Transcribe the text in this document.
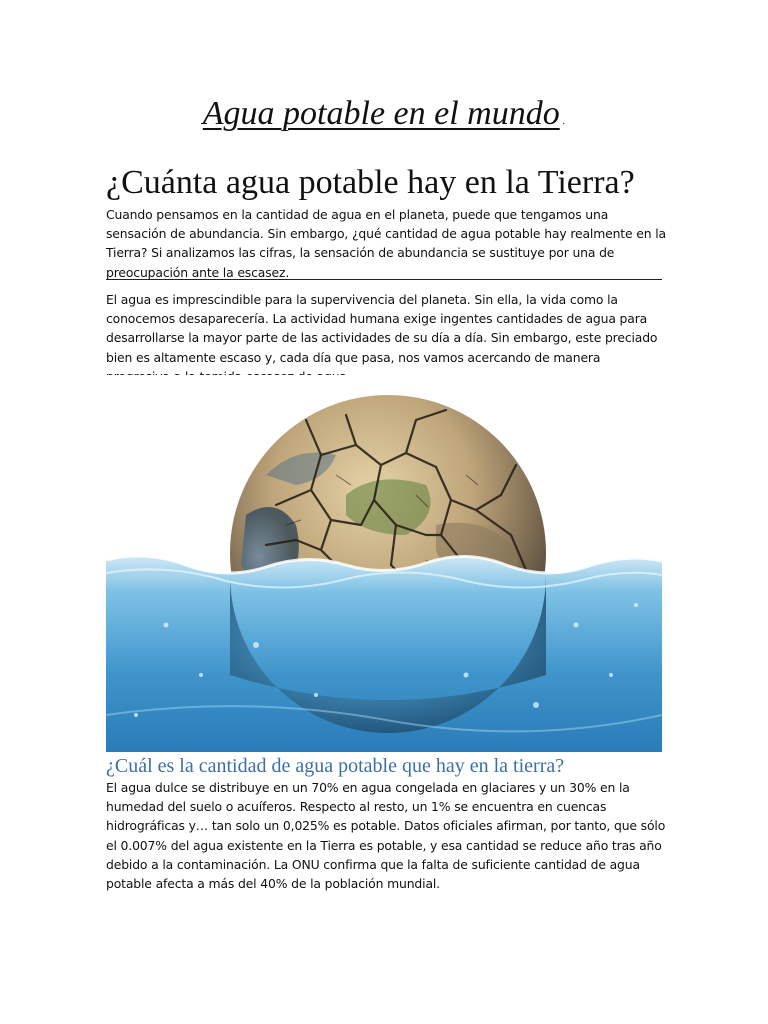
Agua potable en el mundo .
¿Cuánta agua potable hay en la Tierra?

Cuando pensamos en la cantidad de agua en el planeta, puede que tengamos una sensación de abundancia. Sin embargo, ¿qué cantidad de agua potable hay realmente en la Tierra? Si analizamos las cifras, la sensación de abundancia se sustituye por una de preocupación ante la escasez.

El agua es imprescindible para la supervivencia del planeta. Sin ella, la vida como la conocemos desaparecería. La actividad humana exige ingentes cantidades de agua para desarrollarse la mayor parte de las actividades de su día a día. Sin embargo, este preciado bien es altamente escaso y, cada día que pasa, nos vamos acercando de manera

¿Cuál es la cantidad de agua potable que hay en la tierra?

El agua dulce se distribuye en un 70% en agua congelada en glaciares y un 30% en la humedad del suelo o acuíferos. Respecto al resto, un 1% se encuentra en cuencas hidrográficas y… tan solo un 0,025% es potable. Datos oficiales afirman, por tanto, que sólo el 0.007% del agua existente en la Tierra es potable, y esa cantidad se reduce año tras año debido a la contaminación. La ONU confirma que la falta de suficiente cantidad de agua potable afecta a más del 40% de la población mundial.
